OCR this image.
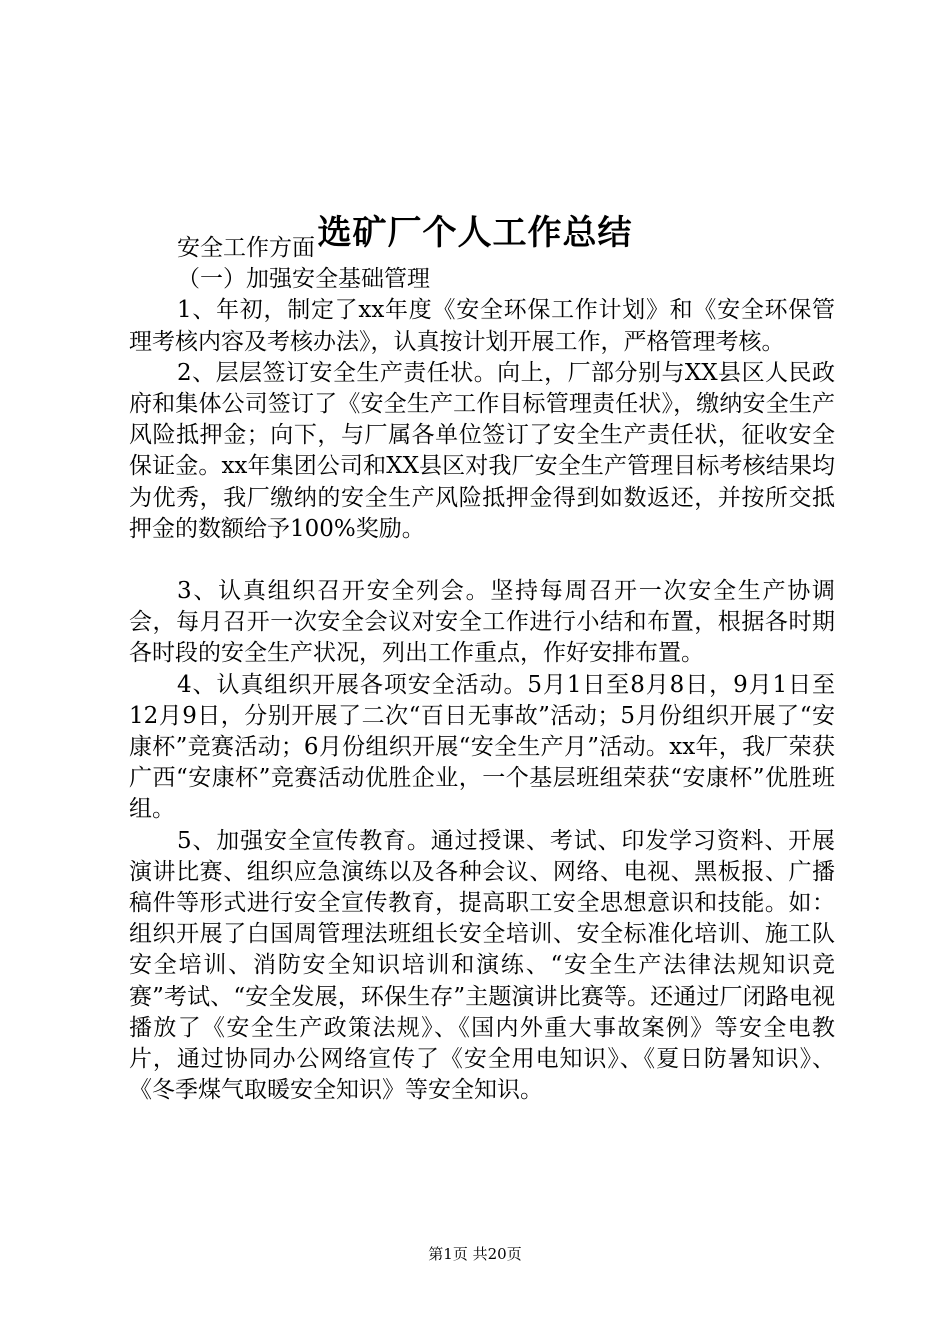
选矿厂个人工作总结

安全工作方面

（一）加强安全基础管理

1、年初，制定了xx年度《安全环保工作计划》和《安全环保管理考核内容及考核办法》，认真按计划开展工作，严格管理考核。

2、层层签订安全生产责任状。向上，厂部分别与XX县区人民政府和集体公司签订了《安全生产工作目标管理责任状》，缴纳安全生产风险抵押金；向下，与厂属各单位签订了安全生产责任状，征收安全保证金。xx年集团公司和XX县区对我厂安全生产管理目标考核结果均为优秀，我厂缴纳的安全生产风险抵押金得到如数返还，并按所交抵押金的数额给予100%奖励。

3、认真组织召开安全列会。坚持每周召开一次安全生产协调会，每月召开一次安全会议对安全工作进行小结和布置，根据各时期各时段的安全生产状况，列出工作重点，作好安排布置。

4、认真组织开展各项安全活动。5月1日至8月8日，9月1日至12月9日，分别开展了二次“百日无事故”活动；5月份组织开展了“安康杯”竞赛活动；6月份组织开展“安全生产月”活动。xx年，我厂荣获广西“安康杯”竞赛活动优胜企业，一个基层班组荣获“安康杯”优胜班组。

5、加强安全宣传教育。通过授课、考试、印发学习资料、开展演讲比赛、组织应急演练以及各种会议、网络、电视、黑板报、广播稿件等形式进行安全宣传教育，提高职工安全思想意识和技能。如：组织开展了白国周管理法班组长安全培训、安全标准化培训、施工队安全培训、消防安全知识培训和演练、“安全生产法律法规知识竞赛”考试、“安全发展，环保生存”主题演讲比赛等。还通过厂闭路电视播放了《安全生产政策法规》、《国内外重大事故案例》等安全电教片，通过协同办公网络宣传了《安全用电知识》、《夏日防暑知识》、《冬季煤气取暖安全知识》等安全知识。

第1页 共20页
